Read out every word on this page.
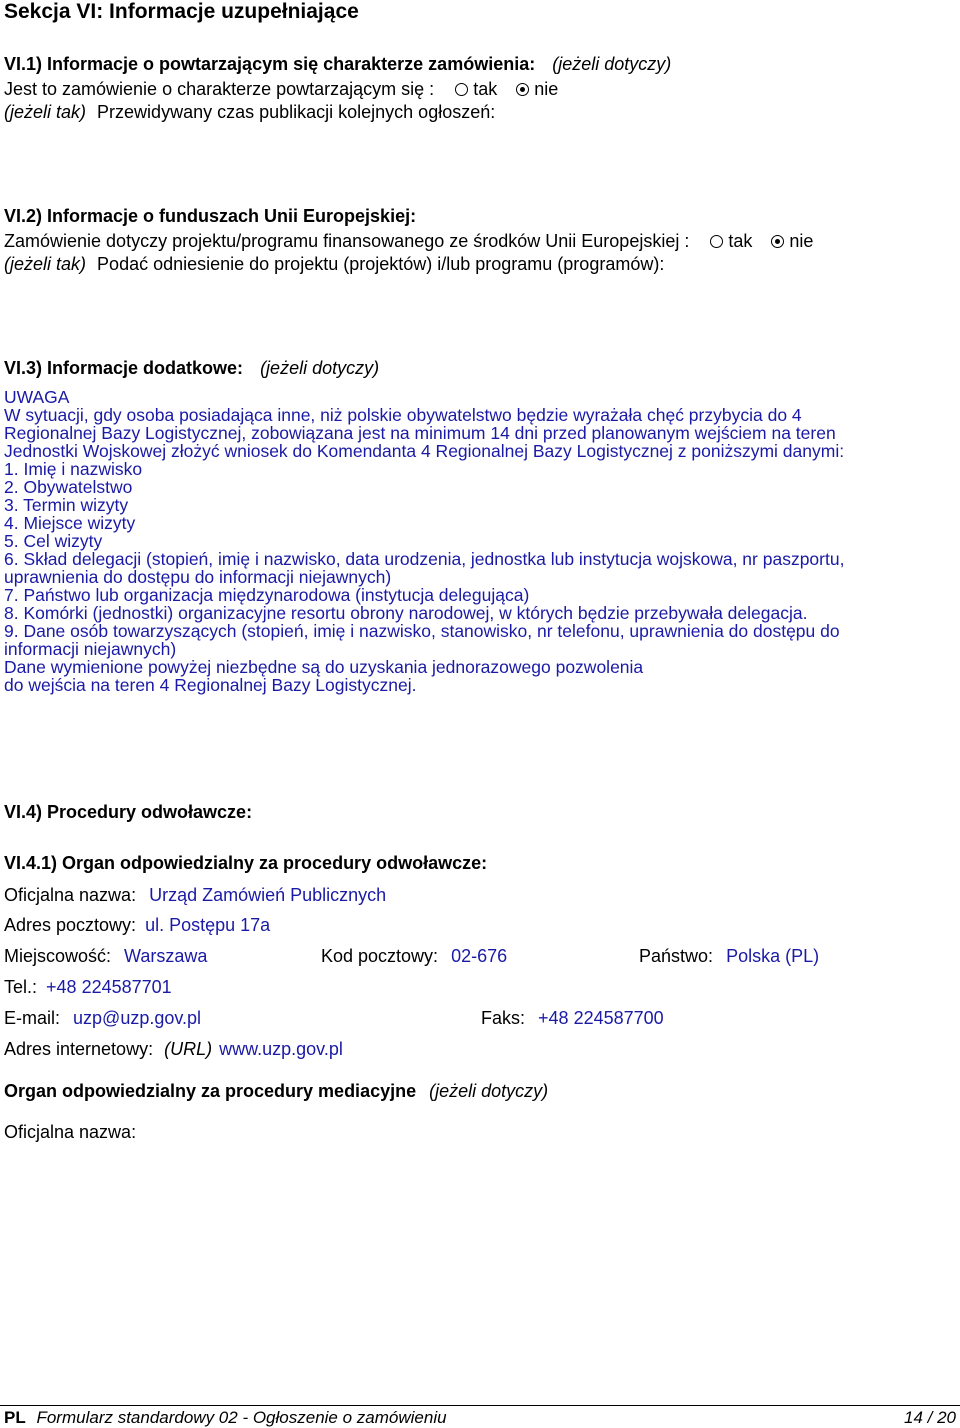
Sekcja VI: Informacje uzupełniające
VI.1) Informacje o powtarzającym się charakterze zamówienia: (jeżeli dotyczy)
Jest to zamówienie o charakterze powtarzającym się : tak nie
(jeżeli tak) Przewidywany czas publikacji kolejnych ogłoszeń:
VI.2) Informacje o funduszach Unii Europejskiej:
Zamówienie dotyczy projektu/programu finansowanego ze środków Unii Europejskiej : tak nie
(jeżeli tak) Podać odniesienie do projektu (projektów) i/lub programu (programów):
VI.3) Informacje dodatkowe: (jeżeli dotyczy)
UWAGA
W sytuacji, gdy osoba posiadająca inne, niż polskie obywatelstwo będzie wyrażała chęć przybycia do 4
Regionalnej Bazy Logistycznej, zobowiązana jest na minimum 14 dni przed planowanym wejściem na teren
Jednostki Wojskowej złożyć wniosek do Komendanta 4 Regionalnej Bazy Logistycznej z poniższymi danymi:
1. Imię i nazwisko
2. Obywatelstwo
3. Termin wizyty
4. Miejsce wizyty
5. Cel wizyty
6. Skład delegacji (stopień, imię i nazwisko, data urodzenia, jednostka lub instytucja wojskowa, nr paszportu,
uprawnienia do dostępu do informacji niejawnych)
7. Państwo lub organizacja międzynarodowa (instytucja delegująca)
8. Komórki (jednostki) organizacyjne resortu obrony narodowej, w których będzie przebywała delegacja.
9. Dane osób towarzyszących (stopień, imię i nazwisko, stanowisko, nr telefonu, uprawnienia do dostępu do
informacji niejawnych)
Dane wymienione powyżej niezbędne są do uzyskania jednorazowego pozwolenia
do wejścia na teren 4 Regionalnej Bazy Logistycznej.
VI.4) Procedury odwoławcze:
VI.4.1) Organ odpowiedzialny za procedury odwoławcze:
Oficjalna nazwa: Urząd Zamówień Publicznych
Adres pocztowy: ul. Postępu 17a
Miejscowość: Warszawa	Kod pocztowy: 02-676	Państwo: Polska (PL)
Tel.: +48 224587701
E-mail: uzp@uzp.gov.pl	Faks: +48 224587700
Adres internetowy: (URL) www.uzp.gov.pl
Organ odpowiedzialny za procedury mediacyjne (jeżeli dotyczy)
Oficjalna nazwa:
PL Formularz standardowy 02 - Ogłoszenie o zamówieniu	14 / 20
